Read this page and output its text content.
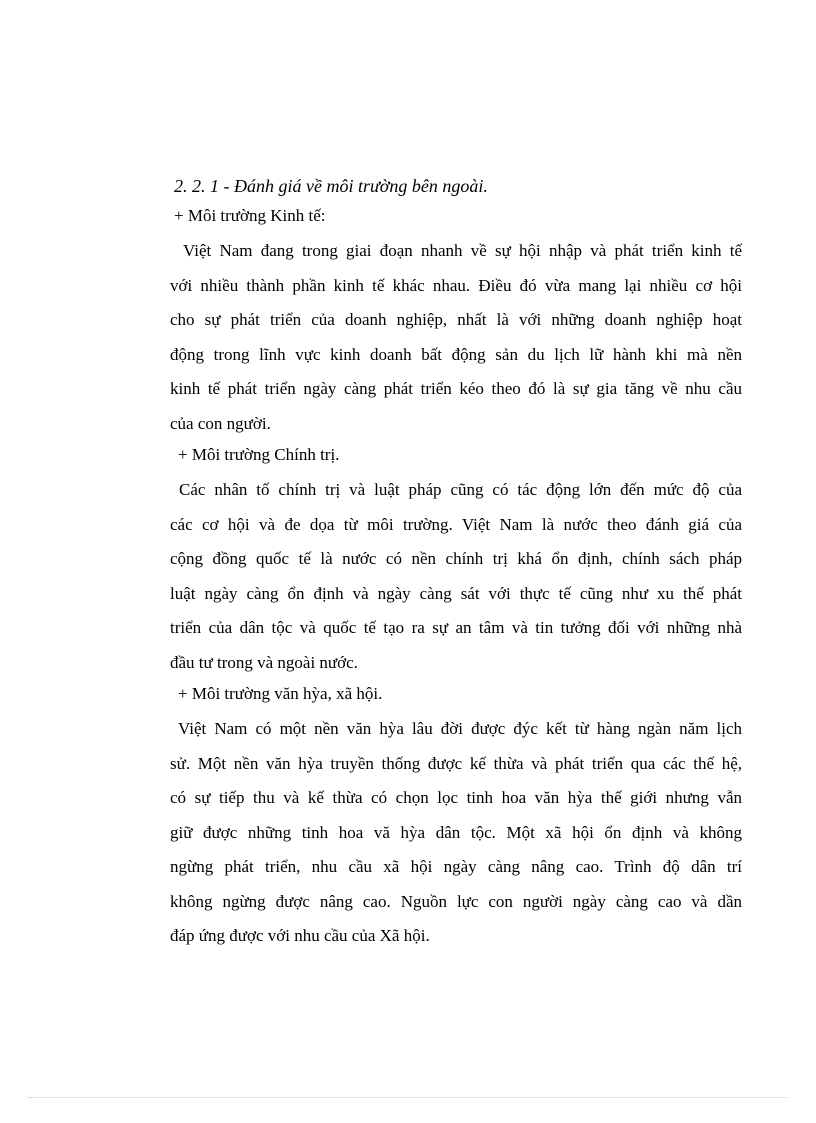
2. 2. 1 - Đánh giá về môi trường bên ngoài.
+ Môi trường Kinh tế:
Việt Nam đang trong giai đoạn nhanh về sự hội nhập và phát triển kinh tế
với nhiều thành phần kinh tế khác nhau. Điều đó vừa mang lại nhiều cơ hội
cho sự phát triển của doanh nghiệp, nhất là với những doanh nghiệp hoạt
động trong lĩnh vực kinh doanh bất động sản du lịch lữ hành khi mà nền
kinh tế phát triển ngày càng phát triển kéo theo đó là sự gia tăng về nhu cầu
của con người.
+ Môi trường Chính trị.
Các nhân tố chính trị và luật pháp cũng có tác động lớn đến mức độ của
các cơ hội và đe dọa từ môi trường. Việt Nam là nước theo đánh giá của
cộng đồng quốc tế là nước có nền chính trị khá ổn định, chính sách pháp
luật ngày càng ổn định và ngày càng sát với thực tế cũng như xu thế phát
triển của dân tộc và quốc tế tạo ra sự an tâm và tin tưởng đối với những nhà
đầu tư trong và ngoài nước.
+ Môi trường văn hỳa, xã hội.
Việt Nam có một nền văn hỳa lâu đời được đýc kết từ hàng ngàn năm lịch
sử. Một nền văn hỳa truyền thống được kế thừa và phát triển qua các thế hệ,
có sự tiếp thu và kế thừa có chọn lọc tinh hoa văn hỳa thế giới nhưng vẫn
giữ được những tinh hoa vă hỳa dân tộc. Một xã hội ổn định và không
ngừng phát triển, nhu cầu xã hội ngày càng nâng cao. Trình độ dân trí
không ngừng được nâng cao. Nguồn lực con người ngày càng cao và dần
đáp ứng được với nhu cầu của Xã hội.
